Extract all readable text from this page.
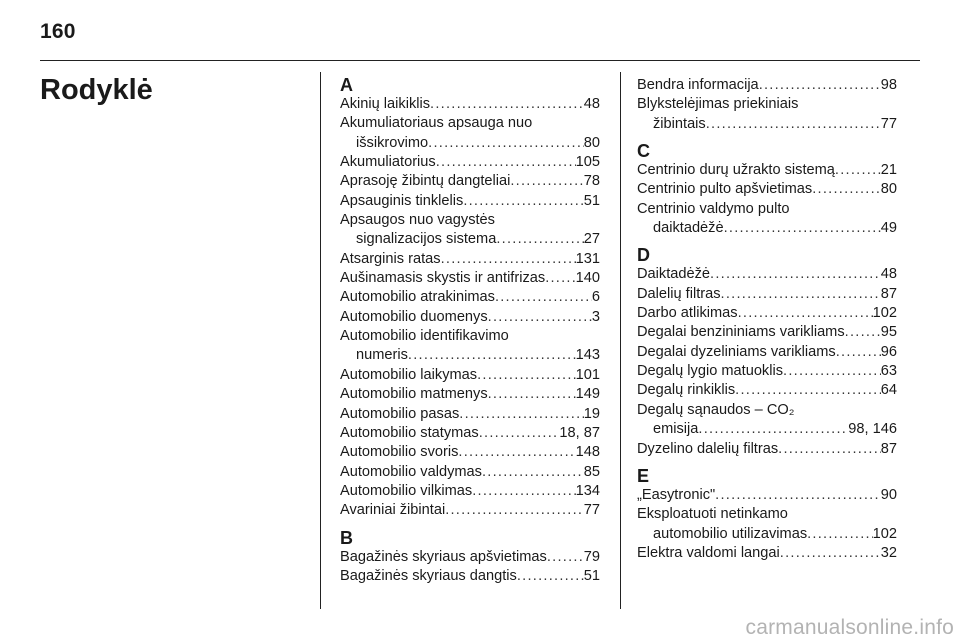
160
Rodyklė	A
Akinių laikiklis . . .	48
Akumuliatoriaus apsauga nuo
išsikrovimo . . .	80
Akumuliatorius . . .	105
Aprasoję žibintų dangteliai . . .	78
Apsauginis tinklelis . . .	51
Apsaugos nuo vagystės
signalizacijos sistema . . .	27
Atsarginis ratas . . .	131
Aušinamasis skystis ir antifrizas . . . 140
Automobilio atrakinimas . . .	6
Automobilio duomenys . . .	3
Automobilio identifikavimo
numeris . . .	143
Automobilio laikymas . . .	101
Automobilio matmenys . . .	149
Automobilio pasas . . .	19
Automobilio statymas . . .	18, 87
Automobilio svoris . . .	148
Automobilio valdymas . . .	85
Automobilio vilkimas . . .	134
Avariniai žibintai . . .	77
B
Bagažinės skyriaus apšvietimas . . .	79
Bagažinės skyriaus dangtis . . .	51
Bendra informacija . . .	98
Blykstelėjimas priekiniais
žibintais . . .	77
C
Centrinio durų užrakto sistemą . . .	21
Centrinio pulto apšvietimas . . .	80
Centrinio valdymo pulto
daiktadėžė . . .	49
D
Daiktadėžė . . .	48
Dalelių filtras . . .	87
Darbo atlikimas . . .	102
Degalai benzininiams varikliams . . . 95
Degalai dyzeliniams varikliams . . .	96
Degalų lygio matuoklis . . .	63
Degalų rinkiklis . . .	64
Degalų sąnaudos – CO₂
emisija . . .	98, 146
Dyzelino dalelių filtras . . .	87
E
„Easytronic" . . .	90
Eksploatuoti netinkamo
automobilio utilizavimas . . .	102
Elektra valdomi langai . . .	32
carmanualsonline.info
